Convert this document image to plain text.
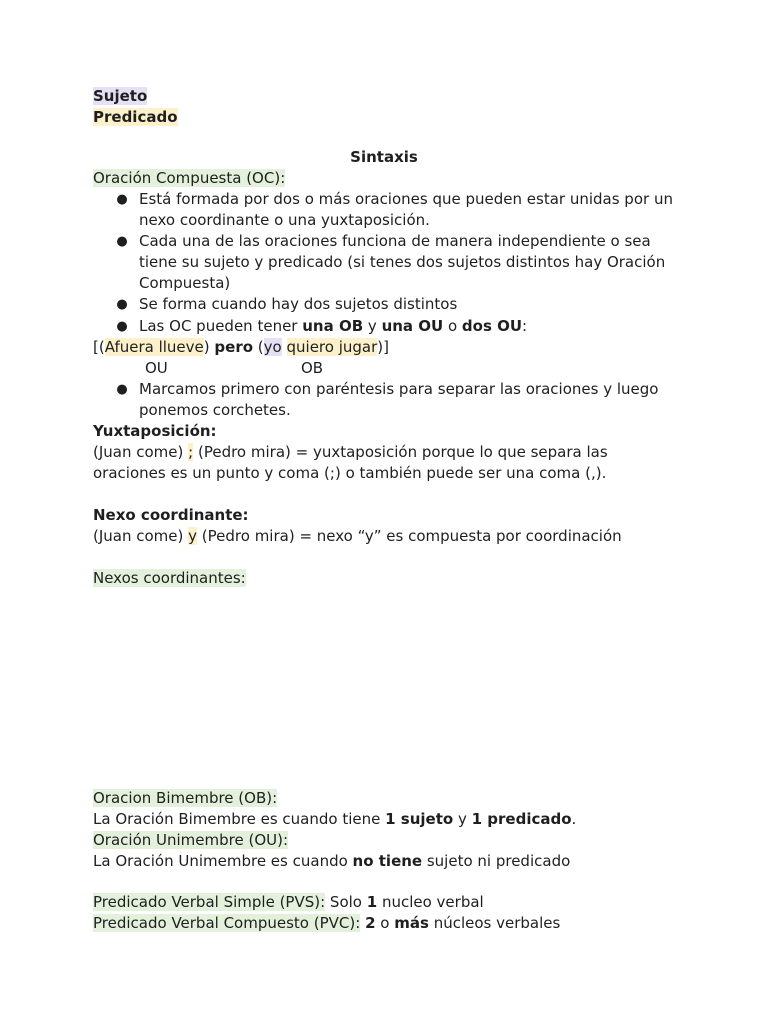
Sujeto
Predicado
Sintaxis
Oración Compuesta (OC):
● Está formada por dos o más oraciones que pueden estar unidas por un
nexo coordinante o una yuxtaposición.
● Cada una de las oraciones funciona de manera independiente o sea
tiene su sujeto y predicado (si tenes dos sujetos distintos hay Oración
Compuesta)
● Se forma cuando hay dos sujetos distintos
● Las OC pueden tener una OB y una OU o dos OU:
[(Afuera llueve) pero (yo quiero jugar)]
OU	OB
● Marcamos primero con paréntesis para separar las oraciones y luego
ponemos corchetes.
Yuxtaposición:
(Juan come) ; (Pedro mira) = yuxtaposición porque lo que separa las
oraciones es un punto y coma (;) o también puede ser una coma (,).
Nexo coordinante:
(Juan come) y (Pedro mira) = nexo “y” es compuesta por coordinación
Nexos coordinantes:
Oracion Bimembre (OB):
La Oración Bimembre es cuando tiene 1 sujeto y 1 predicado.
Oración Unimembre (OU):
La Oración Unimembre es cuando no tiene sujeto ni predicado
Predicado Verbal Simple (PVS): Solo 1 nucleo verbal
Predicado Verbal Compuesto (PVC): 2 o más núcleos verbales
